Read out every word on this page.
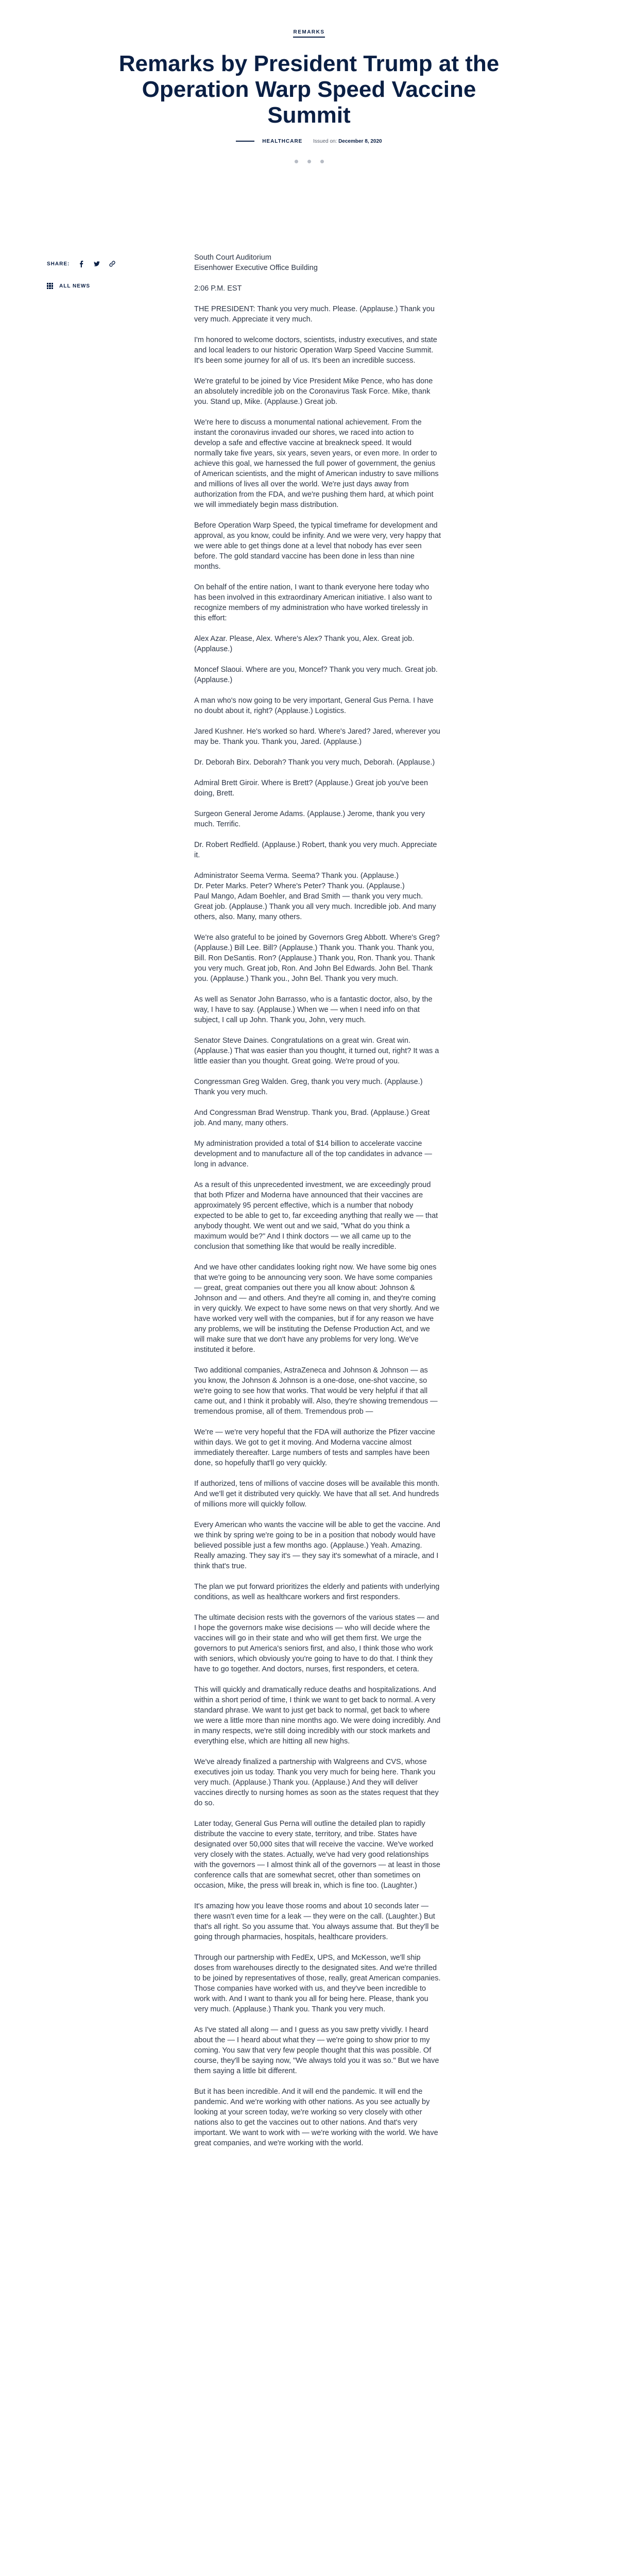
REMARKS
Remarks by President Trump at the Operation Warp Speed Vaccine Summit
HEALTHCARE Issued on: December 8, 2020
SHARE:
ALL NEWS

South Court Auditorium
Eisenhower Executive Office Building

2:06 P.M. EST

THE PRESIDENT: Thank you very much. Please. (Applause.) Thank you very much. Appreciate it very much.

I'm honored to welcome doctors, scientists, industry executives, and state and local leaders to our historic Operation Warp Speed Vaccine Summit. It's been some journey for all of us. It's been an incredible success.

We're grateful to be joined by Vice President Mike Pence, who has done an absolutely incredible job on the Coronavirus Task Force. Mike, thank you. Stand up, Mike. (Applause.) Great job.

We're here to discuss a monumental national achievement. From the instant the coronavirus invaded our shores, we raced into action to develop a safe and effective vaccine at breakneck speed. It would normally take five years, six years, seven years, or even more. In order to achieve this goal, we harnessed the full power of government, the genius of American scientists, and the might of American industry to save millions and millions of lives all over the world. We're just days away from authorization from the FDA, and we're pushing them hard, at which point we will immediately begin mass distribution.

Before Operation Warp Speed, the typical timeframe for development and approval, as you know, could be infinity. And we were very, very happy that we were able to get things done at a level that nobody has ever seen before. The gold standard vaccine has been done in less than nine months.

On behalf of the entire nation, I want to thank everyone here today who has been involved in this extraordinary American initiative. I also want to recognize members of my administration who have worked tirelessly in this effort:

Alex Azar. Please, Alex. Where's Alex? Thank you, Alex. Great job. (Applause.)

Moncef Slaoui. Where are you, Moncef? Thank you very much. Great job. (Applause.)

A man who's now going to be very important, General Gus Perna. I have no doubt about it, right? (Applause.) Logistics.

Jared Kushner. He's worked so hard. Where's Jared? Jared, wherever you may be. Thank you. Thank you, Jared. (Applause.)

Dr. Deborah Birx. Deborah? Thank you very much, Deborah. (Applause.)

Admiral Brett Giroir. Where is Brett? (Applause.) Great job you've been doing, Brett.

Surgeon General Jerome Adams. (Applause.) Jerome, thank you very much. Terrific.

Dr. Robert Redfield. (Applause.) Robert, thank you very much. Appreciate it.

Administrator Seema Verma. Seema? Thank you. (Applause.)
Dr. Peter Marks. Peter? Where's Peter? Thank you. (Applause.)
Paul Mango, Adam Boehler, and Brad Smith — thank you very much. Great job. (Applause.) Thank you all very much. Incredible job. And many others, also. Many, many others.

We're also grateful to be joined by Governors Greg Abbott. Where's Greg? (Applause.) Bill Lee. Bill? (Applause.) Thank you. Thank you. Thank you, Bill. Ron DeSantis. Ron? (Applause.) Thank you, Ron. Thank you. Thank you very much. Great job, Ron. And John Bel Edwards. John Bel. Thank you. (Applause.) Thank you., John Bel. Thank you very much.

As well as Senator John Barrasso, who is a fantastic doctor, also, by the way, I have to say. (Applause.) When we — when I need info on that subject, I call up John. Thank you, John, very much.

Senator Steve Daines. Congratulations on a great win. Great win. (Applause.) That was easier than you thought, it turned out, right? It was a little easier than you thought. Great going. We're proud of you.

Congressman Greg Walden. Greg, thank you very much. (Applause.) Thank you very much.

And Congressman Brad Wenstrup. Thank you, Brad. (Applause.) Great job. And many, many others.

My administration provided a total of $14 billion to accelerate vaccine development and to manufacture all of the top candidates in advance — long in advance.

As a result of this unprecedented investment, we are exceedingly proud that both Pfizer and Moderna have announced that their vaccines are approximately 95 percent effective, which is a number that nobody expected to be able to get to, far exceeding anything that really we — that anybody thought. We went out and we said, "What do you think a maximum would be?" And I think doctors — we all came up to the conclusion that something like that would be really incredible.

And we have other candidates looking right now. We have some big ones that we're going to be announcing very soon. We have some companies — great, great companies out there you all know about: Johnson & Johnson and — and others. And they're all coming in, and they're coming in very quickly. We expect to have some news on that very shortly. And we have worked very well with the companies, but if for any reason we have any problems, we will be instituting the Defense Production Act, and we will make sure that we don't have any problems for very long. We've instituted it before.

Two additional companies, AstraZeneca and Johnson & Johnson — as you know, the Johnson & Johnson is a one-dose, one-shot vaccine, so we're going to see how that works. That would be very helpful if that all came out, and I think it probably will. Also, they're showing tremendous — tremendous promise, all of them. Tremendous prob —

We're — we're very hopeful that the FDA will authorize the Pfizer vaccine within days. We got to get it moving. And Moderna vaccine almost immediately thereafter. Large numbers of tests and samples have been done, so hopefully that'll go very quickly.

If authorized, tens of millions of vaccine doses will be available this month. And we'll get it distributed very quickly. We have that all set. And hundreds of millions more will quickly follow.

Every American who wants the vaccine will be able to get the vaccine. And we think by spring we're going to be in a position that nobody would have believed possible just a few months ago. (Applause.) Yeah. Amazing. Really amazing. They say it's — they say it's somewhat of a miracle, and I think that's true.

The plan we put forward prioritizes the elderly and patients with underlying conditions, as well as healthcare workers and first responders.

The ultimate decision rests with the governors of the various states — and I hope the governors make wise decisions — who will decide where the vaccines will go in their state and who will get them first. We urge the governors to put America's seniors first, and also, I think those who work with seniors, which obviously you're going to have to do that. I think they have to go together. And doctors, nurses, first responders, et cetera.

This will quickly and dramatically reduce deaths and hospitalizations. And within a short period of time, I think we want to get back to normal. A very standard phrase. We want to just get back to normal, get back to where we were a little more than nine months ago. We were doing incredibly. And in many respects, we're still doing incredibly with our stock markets and everything else, which are hitting all new highs.

We've already finalized a partnership with Walgreens and CVS, whose executives join us today. Thank you very much for being here. Thank you very much. (Applause.) Thank you. (Applause.) And they will deliver vaccines directly to nursing homes as soon as the states request that they do so.

Later today, General Gus Perna will outline the detailed plan to rapidly distribute the vaccine to every state, territory, and tribe. States have designated over 50,000 sites that will receive the vaccine. We've worked very closely with the states. Actually, we've had very good relationships with the governors — I almost think all of the governors — at least in those conference calls that are somewhat secret, other than sometimes on occasion, Mike, the press will break in, which is fine too. (Laughter.)

It's amazing how you leave those rooms and about 10 seconds later — there wasn't even time for a leak — they were on the call. (Laughter.) But that's all right. So you assume that. You always assume that. But they'll be going through pharmacies, hospitals, healthcare providers.

Through our partnership with FedEx, UPS, and McKesson, we'll ship doses from warehouses directly to the designated sites. And we're thrilled to be joined by representatives of those, really, great American companies. Those companies have worked with us, and they've been incredible to work with. And I want to thank you all for being here. Please, thank you very much. (Applause.) Thank you. Thank you very much.

As I've stated all along — and I guess as you saw pretty vividly. I heard about the — I heard about what they — we're going to show prior to my coming. You saw that very few people thought that this was possible. Of course, they'll be saying now, "We always told you it was so." But we have them saying a little bit different.

But it has been incredible. And it will end the pandemic. It will end the pandemic. And we're working with other nations. As you see actually by looking at your screen today, we're working so very closely with other nations also to get the vaccines out to other nations. And that's very important. We want to work with — we're working with the world. We have great companies, and we're working with the world.
